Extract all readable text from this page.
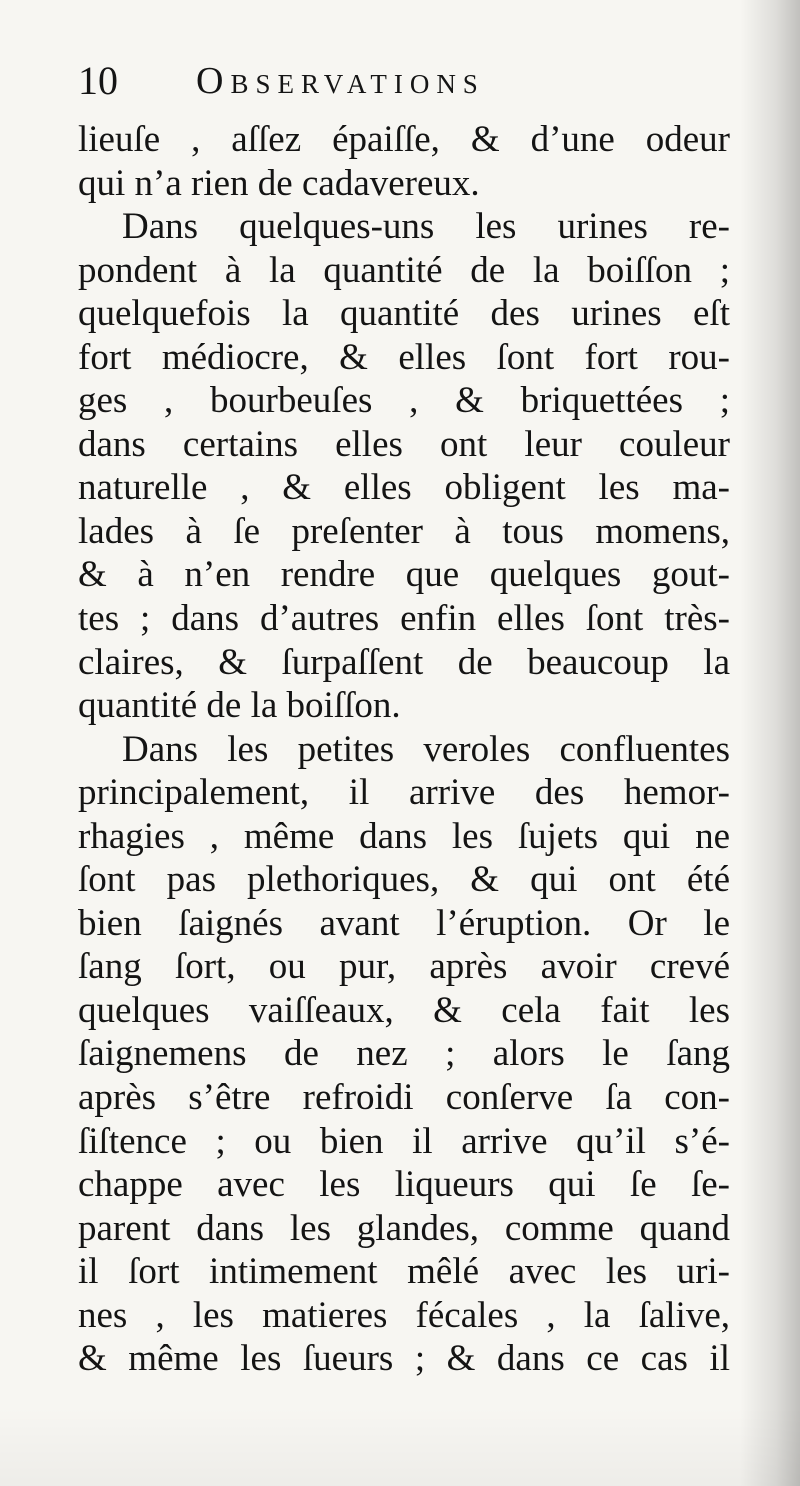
10 Observations
lieuſe , aſſez épaiſſe, & d’une odeur
qui n’a rien de cadavereux.
Dans quelques-uns les urines re-
pondent à la quantité de la boiſſon ;
quelquefois la quantité des urines eſt
fort médiocre, & elles ſont fort rou-
ges , bourbeuſes , & briquettées ;
dans certains elles ont leur couleur
naturelle , & elles obligent les ma-
lades à ſe preſenter à tous momens,
& à n’en rendre que quelques gout-
tes ; dans d’autres enfin elles ſont très-
claires, & ſurpaſſent de beaucoup la
quantité de la boiſſon.
Dans les petites veroles confluentes
principalement, il arrive des hemor-
rhagies , même dans les ſujets qui ne
ſont pas plethoriques, & qui ont été
bien ſaignés avant l’éruption. Or le
ſang ſort, ou pur, après avoir crevé
quelques vaiſſeaux, & cela fait les
ſaignemens de nez ; alors le ſang
après s’être refroidi conſerve ſa con-
ſiſtence ; ou bien il arrive qu’il s’é-
chappe avec les liqueurs qui ſe ſe-
parent dans les glandes, comme quand
il ſort intimement mêlé avec les uri-
nes , les matieres fécales , la ſalive,
& même les ſueurs ; & dans ce cas il
